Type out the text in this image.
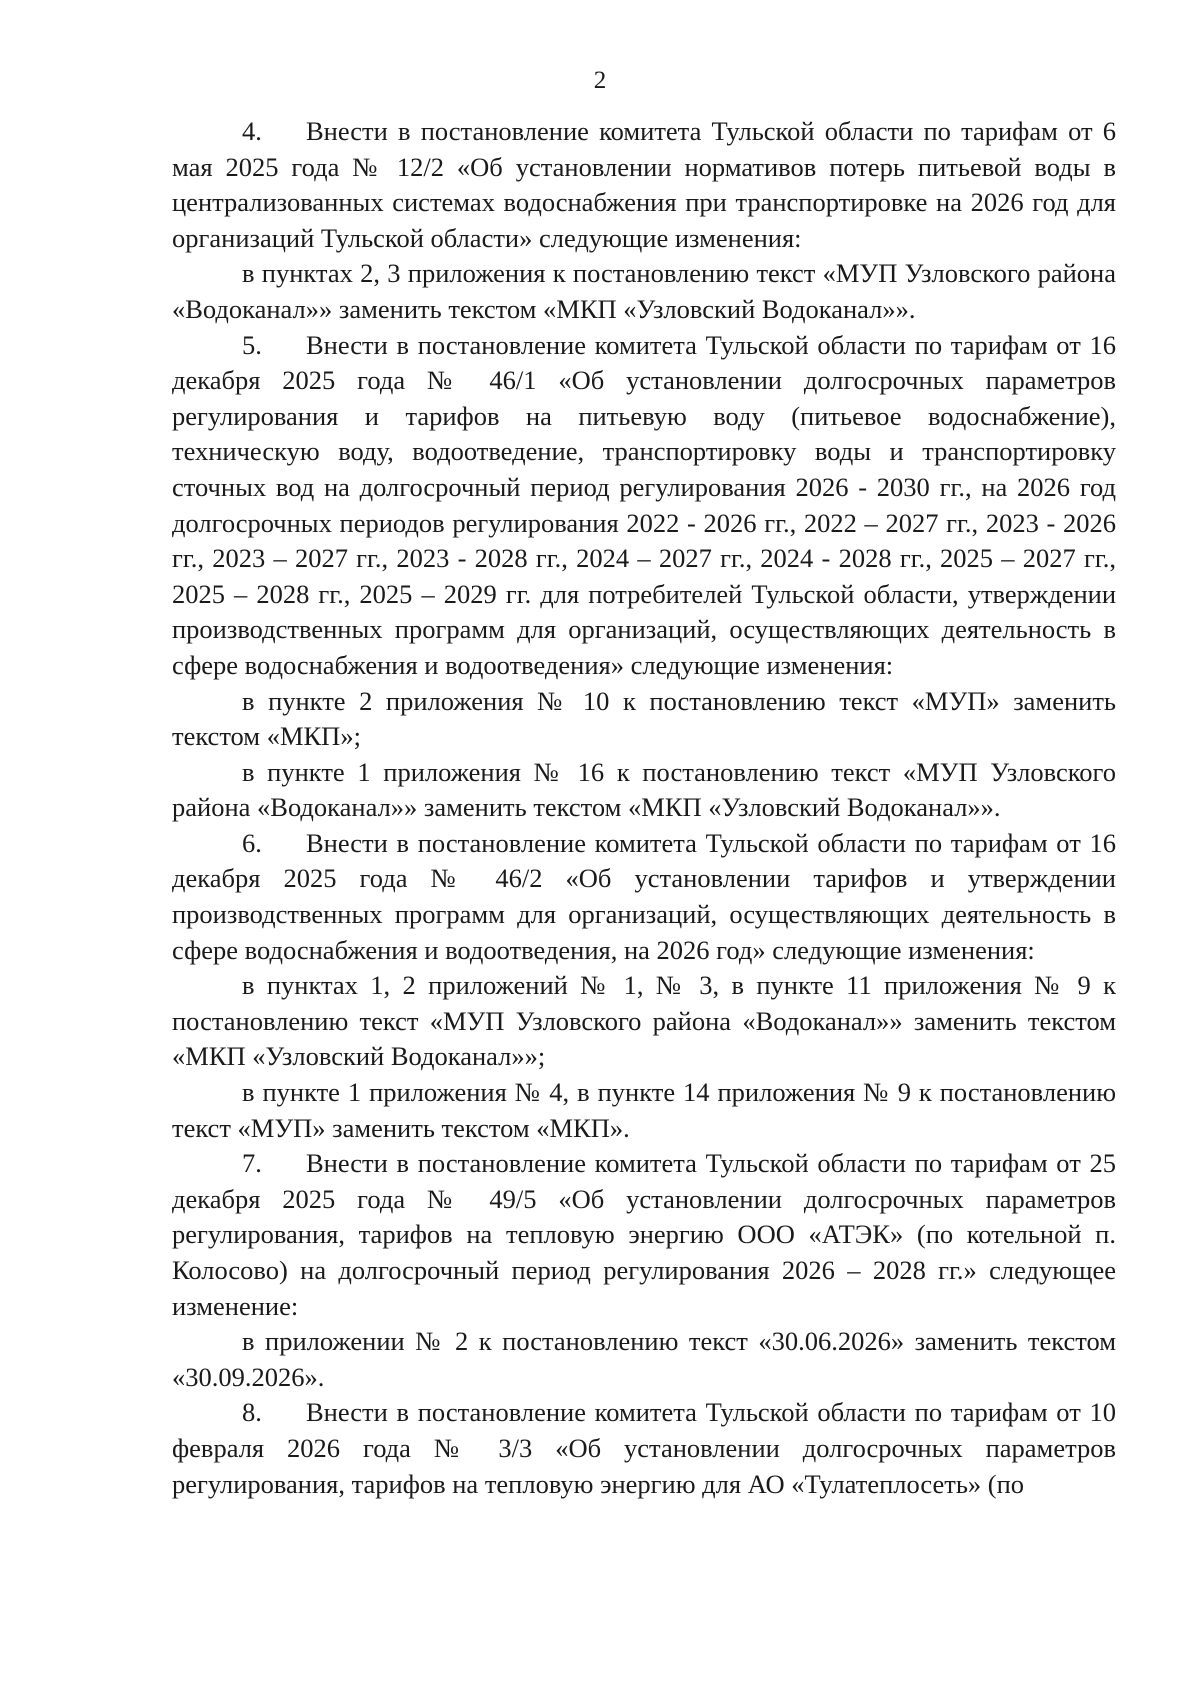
2

4. Внести в постановление комитета Тульской области по тарифам от 6 мая 2025 года № 12/2 «Об установлении нормативов потерь питьевой воды в централизованных системах водоснабжения при транспортировке на 2026 год для организаций Тульской области» следующие изменения:

в пунктах 2, 3 приложения к постановлению текст «МУП Узловского района «Водоканал»» заменить текстом «МКП «Узловский Водоканал»».

5. Внести в постановление комитета Тульской области по тарифам от 16 декабря 2025 года № 46/1 «Об установлении долгосрочных параметров регулирования и тарифов на питьевую воду (питьевое водоснабжение), техническую воду, водоотведение, транспортировку воды и транспортировку сточных вод на долгосрочный период регулирования 2026 - 2030 гг., на 2026 год долгосрочных периодов регулирования 2022 - 2026 гг., 2022 – 2027 гг., 2023 - 2026 гг., 2023 – 2027 гг., 2023 - 2028 гг., 2024 – 2027 гг., 2024 - 2028 гг., 2025 – 2027 гг., 2025 – 2028 гг., 2025 – 2029 гг. для потребителей Тульской области, утверждении производственных программ для организаций, осуществляющих деятельность в сфере водоснабжения и водоотведения» следующие изменения:

в пункте 2 приложения № 10 к постановлению текст «МУП» заменить текстом «МКП»;

в пункте 1 приложения № 16 к постановлению текст «МУП Узловского района «Водоканал»» заменить текстом «МКП «Узловский Водоканал»».

6. Внести в постановление комитета Тульской области по тарифам от 16 декабря 2025 года № 46/2 «Об установлении тарифов и утверждении производственных программ для организаций, осуществляющих деятельность в сфере водоснабжения и водоотведения, на 2026 год» следующие изменения:

в пунктах 1, 2 приложений № 1, № 3, в пункте 11 приложения № 9 к постановлению текст «МУП Узловского района «Водоканал»» заменить текстом «МКП «Узловский Водоканал»»;

в пункте 1 приложения № 4, в пункте 14 приложения № 9 к постановлению текст «МУП» заменить текстом «МКП».

7. Внести в постановление комитета Тульской области по тарифам от 25 декабря 2025 года № 49/5 «Об установлении долгосрочных параметров регулирования, тарифов на тепловую энергию ООО «АТЭК» (по котельной п. Колосово) на долгосрочный период регулирования 2026 – 2028 гг.» следующее изменение:

в приложении № 2 к постановлению текст «30.06.2026» заменить текстом «30.09.2026».

8. Внести в постановление комитета Тульской области по тарифам от 10 февраля 2026 года № 3/3 «Об установлении долгосрочных параметров регулирования, тарифов на тепловую энергию для АО «Тулатеплосеть» (по
